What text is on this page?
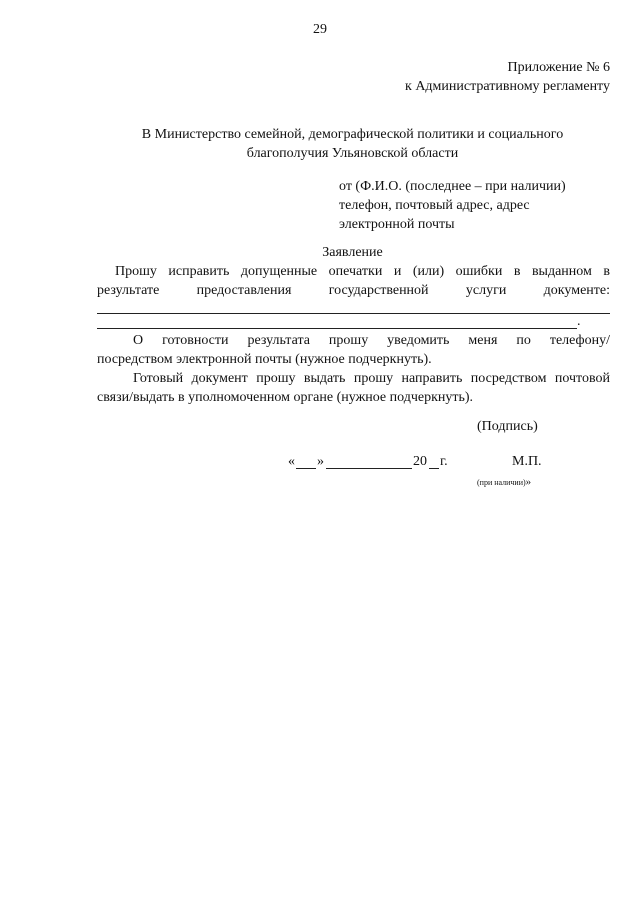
29
Приложение № 6
к Административному регламенту
В Министерство семейной, демографической политики и социального
благополучия Ульяновской области
от (Ф.И.О. (последнее – при наличии)
телефон, почтовый адрес, адрес
электронной почты
Заявление
Прошу исправить допущенные опечатки и (или) ошибки в выданном в
результате предоставления государственной услуги документе:
.
О готовности результата прошу уведомить меня по телефону/
посредством электронной почты (нужное подчеркнуть).
Готовый документ прошу выдать прошу направить посредством почтовой
связи/выдать в уполномоченном органе (нужное подчеркнуть).
(Подпись)
« »	20 г.	М.П.
(при наличии)»
